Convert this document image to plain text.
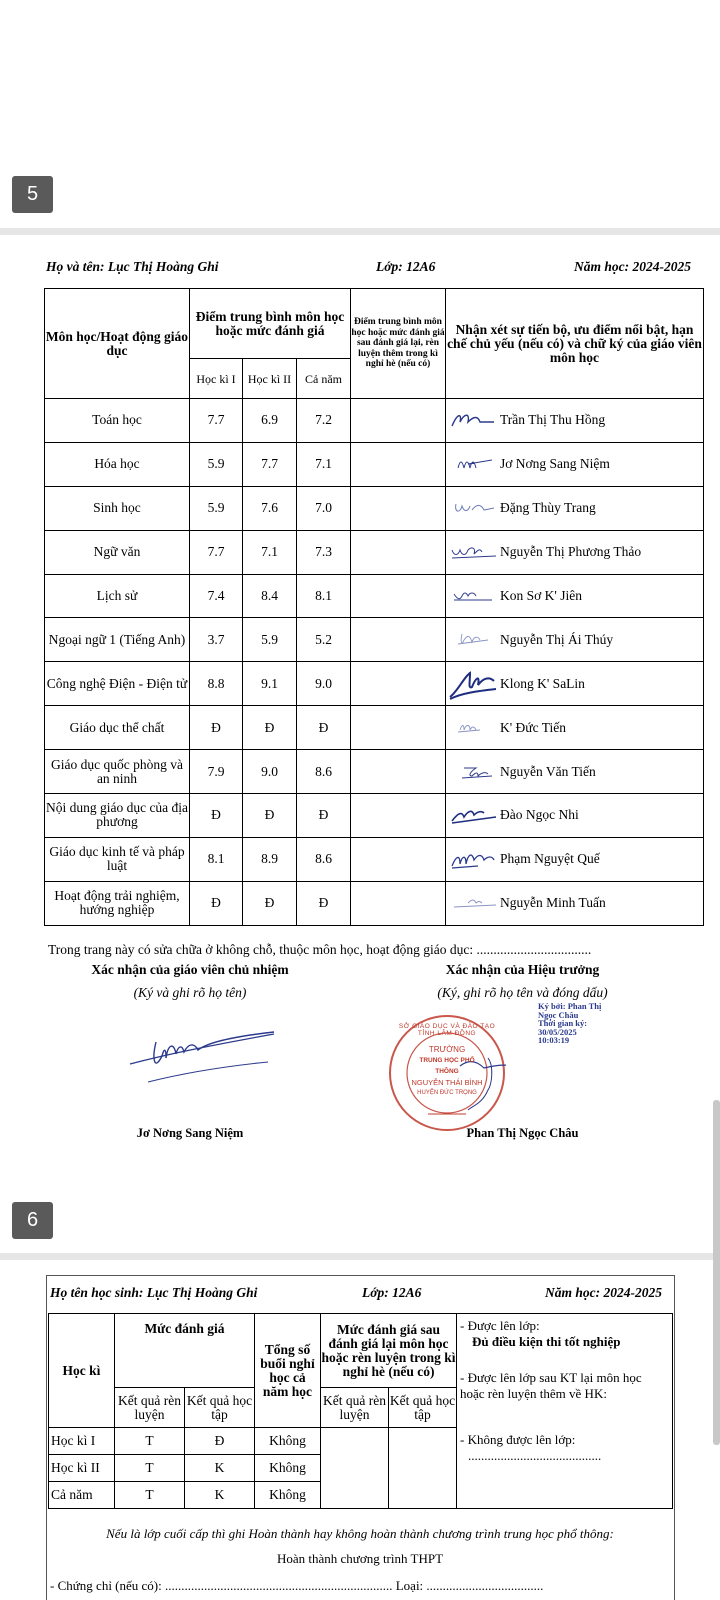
5
Họ và tên: Lục Thị Hoàng Ghi	Lớp: 12A6	Năm học: 2024-2025
Môn học/Hoạt động giáo dục	Điểm trung bình môn học hoặc mức đánh giá			Điểm trung bình môn học hoặc mức đánh giá sau đánh giá lại, rèn luyện thêm trong kì nghỉ hè (nếu có)	Nhận xét sự tiến bộ, ưu điểm nổi bật, hạn chế chủ yếu (nếu có) và chữ ký của giáo viên môn học
	Học kì I	Học kì II	Cả năm		
Toán học	7.7	6.9	7.2		Trần Thị Thu Hồng
Hóa học	5.9	7.7	7.1		Jơ Nơng Sang Niệm
Sinh học	5.9	7.6	7.0		Đặng Thùy Trang
Ngữ văn	7.7	7.1	7.3		Nguyễn Thị Phương Thảo
Lịch sử	7.4	8.4	8.1		Kon Sơ K' Jiên
Ngoại ngữ 1 (Tiếng Anh)	3.7	5.9	5.2		Nguyễn Thị Ái Thúy
Công nghệ Điện - Điện tử	8.8	9.1	9.0		Klong K' SaLin
Giáo dục thể chất	Đ	Đ	Đ		K' Đức Tiến
Giáo dục quốc phòng và an ninh	7.9	9.0	8.6		Nguyễn Văn Tiến
Nội dung giáo dục của địa phương	Đ	Đ	Đ		Đào Ngọc Nhi
Giáo dục kinh tế và pháp luật	8.1	8.9	8.6		Phạm Nguyệt Quế
Hoạt động trải nghiệm, hướng nghiệp	Đ	Đ	Đ		Nguyễn Minh Tuấn
Trong trang này có sửa chữa ở không chỗ, thuộc môn học, hoạt động giáo dục: ..................................
Xác nhận của giáo viên chủ nhiệm
(Ký và ghi rõ họ tên)
Xác nhận của Hiệu trưởng
(Ký, ghi rõ họ tên và đóng dấu)
Ký bởi: Phan Thị Ngọc Châu
Thời gian ký:
30/05/2025
10:03:19
SỞ GIÁO DỤC VÀ ĐÀO TẠO TỈNH LÂM ĐỒNG
TRƯỜNG
TRUNG HỌC PHỔ THÔNG
NGUYỄN THÁI BÌNH
HUYỆN ĐỨC TRỌNG
Jơ Nơng Sang Niệm	Phan Thị Ngọc Châu
6
Họ tên học sinh: Lục Thị Hoàng Ghi	Lớp: 12A6	Năm học: 2024-2025
Học kì	Mức đánh giá		Tổng số buổi nghỉ học cả năm học	Mức đánh giá sau đánh giá lại môn học hoặc rèn luyện trong kì nghỉ hè (nếu có)		- Được lên lớp:
Đủ điều kiện thi tốt nghiệp
- Được lên lớp sau KT lại môn học hoặc rèn luyện thêm về HK:
- Không được lên lớp:
.........................................

	Kết quả rèn luyện	Kết quả học tập		Kết quả rèn luyện	Kết quả học tập	
Học kì I	T	Đ	Không			
Học kì II	T	K	Không			
Cả năm	T	K	Không			
Nếu là lớp cuối cấp thì ghi Hoàn thành hay không hoàn thành chương trình trung học phổ thông:
Hoàn thành chương trình THPT
- Chứng chỉ (nếu có): ...................................................................... Loại: ....................................
